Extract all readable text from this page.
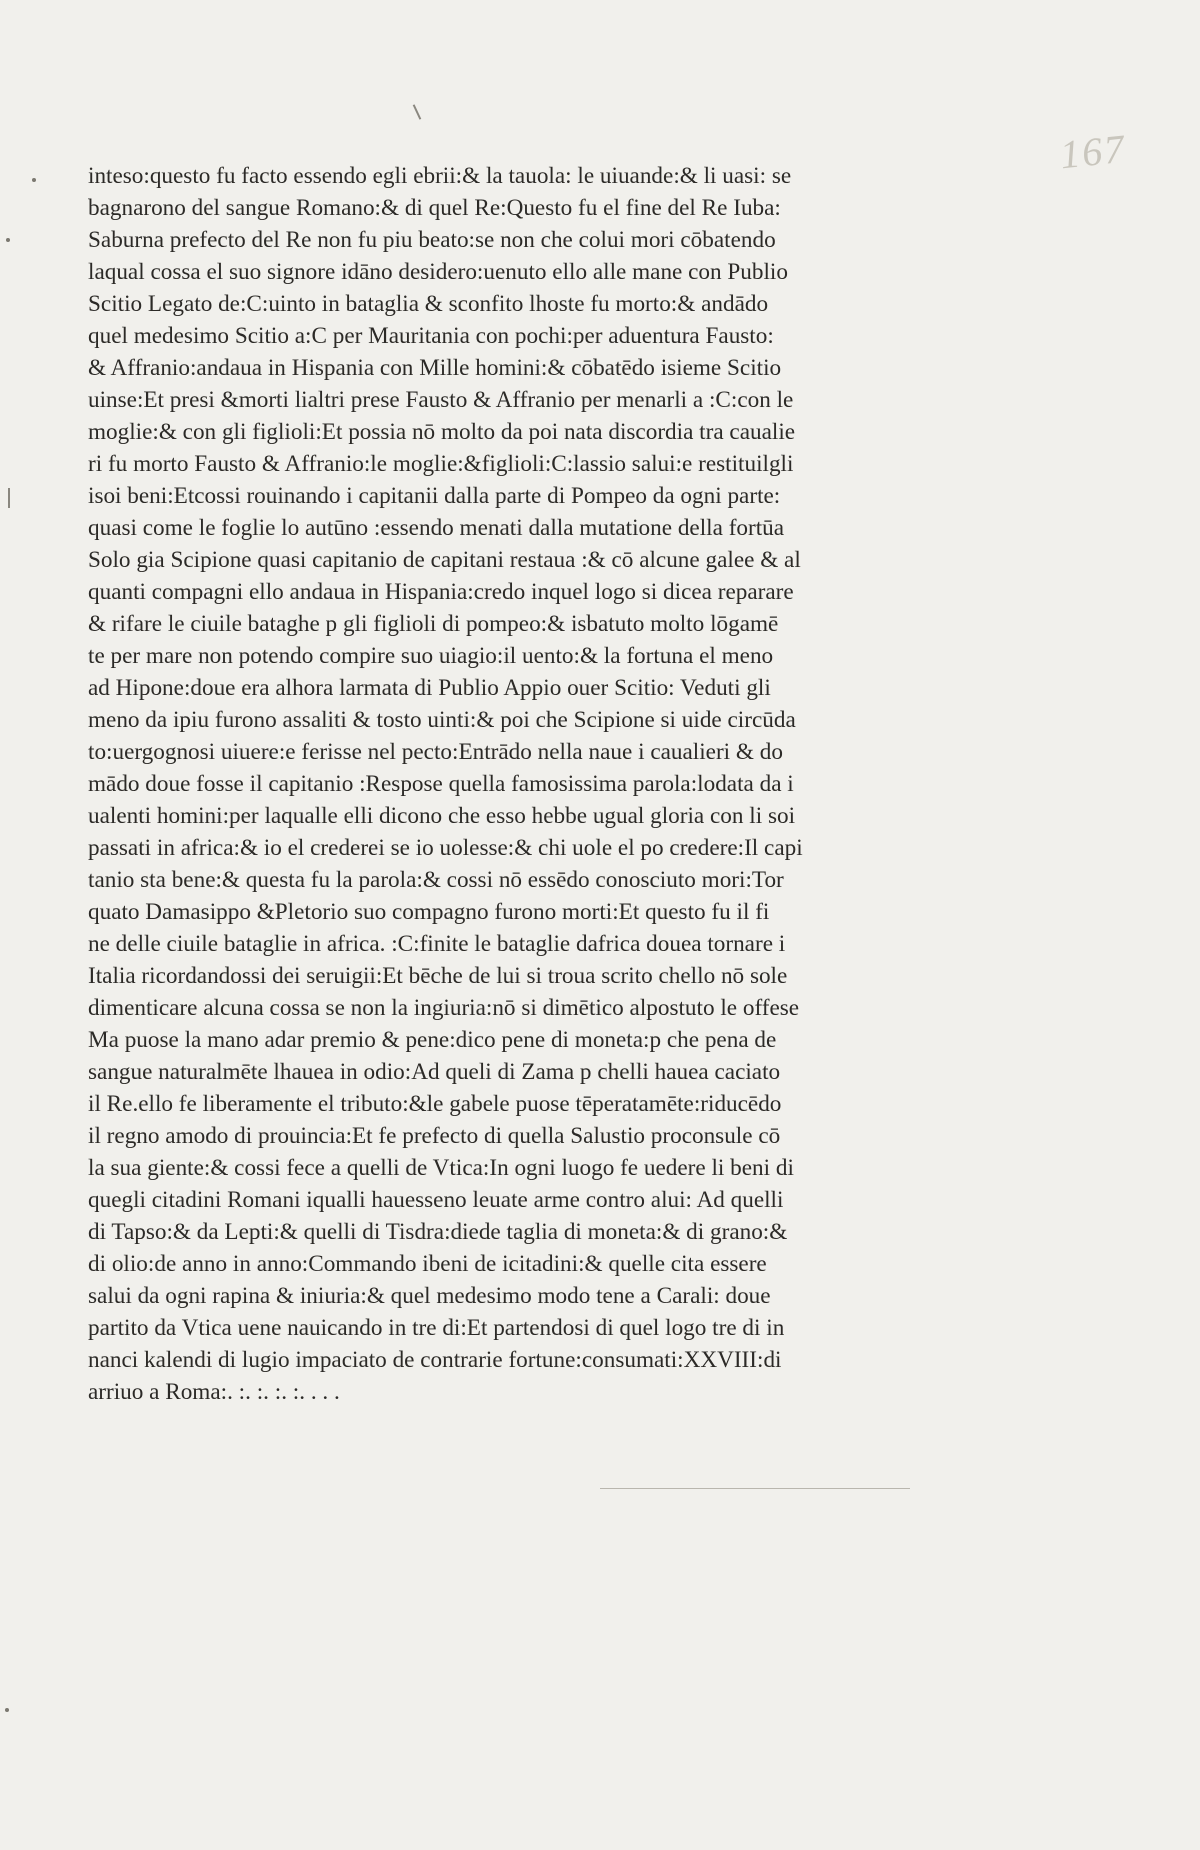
167
inteso:questo fu facto essendo egli ebrii:& la tauola: le uiuande:& li uasi: se
bagnarono del sangue Romano:& di quel Re:Questo fu el fine del Re Iuba:
Saburna prefecto del Re non fu piu beato:se non che colui mori cōbatendo
laqual cossa el suo signore idāno desidero:uenuto ello alle mane con Publio
Scitio Legato de:C:uinto in bataglia & sconfito lhoste fu morto:& andādo
quel medesimo Scitio a:C per Mauritania con pochi:per aduentura Fausto:
& Affranio:andaua in Hispania con Mille homini:& cōbatēdo isieme Scitio
uinse:Et presi &morti lialtri prese Fausto & Affranio per menarli a :C:con le
moglie:& con gli figlioli:Et possia nō molto da poi nata discordia tra caualie
ri fu morto Fausto & Affranio:le moglie:&figlioli:C:lassio salui:e restituilgli
isoi beni:Etcossi rouinando i capitanii dalla parte di Pompeo da ogni parte:
quasi come le foglie lo autūno :essendo menati dalla mutatione della fortūa
Solo gia Scipione quasi capitanio de capitani restaua :& cō alcune galee & al
quanti compagni ello andaua in Hispania:credo inquel logo si dicea reparare
& rifare le ciuile bataghe p gli figlioli di pompeo:& isbatuto molto lōgamē
te per mare non potendo compire suo uiagio:il uento:& la fortuna el meno
ad Hipone:doue era alhora larmata di Publio Appio ouer Scitio: Veduti gli
meno da ipiu furono assaliti & tosto uinti:& poi che Scipione si uide circūda
to:uergognosi uiuere:e ferisse nel pecto:Entrādo nella naue i caualieri & do
mādo doue fosse il capitanio :Respose quella famosissima parola:lodata da i
ualenti homini:per laqualle elli dicono che esso hebbe ugual gloria con li soi
passati in africa:& io el crederei se io uolesse:& chi uole el po credere:Il capi
tanio sta bene:& questa fu la parola:& cossi nō essēdo conosciuto mori:Tor
quato Damasippo &Pletorio suo compagno furono morti:Et questo fu il fi
ne delle ciuile bataglie in africa. :C:finite le bataglie dafrica douea tornare i
Italia ricordandossi dei seruigii:Et bēche de lui si troua scrito chello nō sole
dimenticare alcuna cossa se non la ingiuria:nō si dimētico alpostuto le offese
Ma puose la mano adar premio & pene:dico pene di moneta:p che pena de
sangue naturalmēte lhauea in odio:Ad queli di Zama p chelli hauea caciato
il Re.ello fe liberamente el tributo:&le gabele puose tēperatamēte:riducēdo
il regno amodo di prouincia:Et fe prefecto di quella Salustio proconsule cō
la sua giente:& cossi fece a quelli de Vtica:In ogni luogo fe uedere li beni di
quegli citadini Romani iqualli hauesseno leuate arme contro alui: Ad quelli
di Tapso:& da Lepti:& quelli di Tisdra:diede taglia di moneta:& di grano:&
di olio:de anno in anno:Commando ibeni de icitadini:& quelle cita essere
salui da ogni rapina & iniuria:& quel medesimo modo tene a Carali: doue
partito da Vtica uene nauicando in tre di:Et partendosi di quel logo tre di in
nanci kalendi di lugio impaciato de contrarie fortune:consumati:XXVIII:di
arriuo a Roma:. :. :. :. :. . . .
